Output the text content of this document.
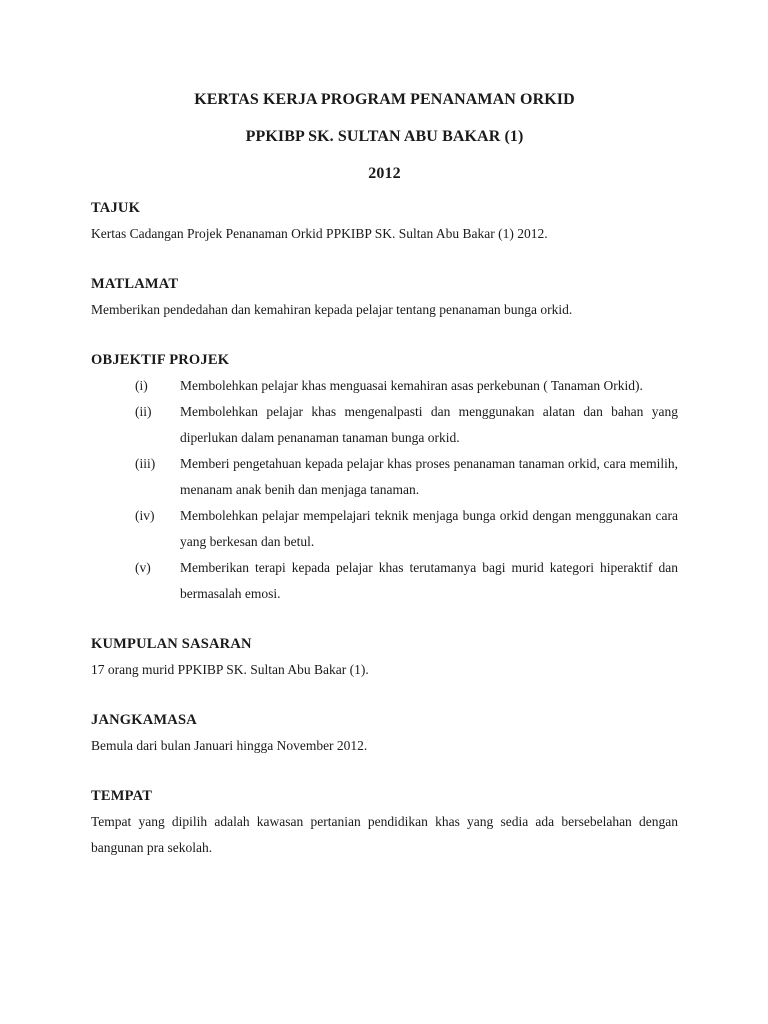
KERTAS KERJA PROGRAM PENANAMAN ORKID

PPKIBP SK. SULTAN ABU BAKAR (1)

2012

TAJUK

Kertas Cadangan Projek Penanaman Orkid PPKIBP SK. Sultan Abu Bakar (1) 2012.

MATLAMAT

Memberikan pendedahan dan kemahiran kepada pelajar tentang penanaman bunga orkid.

OBJEKTIF PROJEK

(i)	Membolehkan pelajar khas menguasai kemahiran asas perkebunan ( Tanaman Orkid).
(ii)	Membolehkan pelajar khas mengenalpasti dan menggunakan alatan dan bahan yang diperlukan dalam penanaman tanaman bunga orkid.
(iii)	Memberi pengetahuan kepada pelajar khas proses penanaman tanaman orkid, cara memilih, menanam anak benih dan menjaga tanaman.
(iv)	Membolehkan pelajar mempelajari teknik menjaga bunga orkid dengan menggunakan cara yang berkesan dan betul.
(v)	Memberikan terapi kepada pelajar khas terutamanya bagi murid kategori hiperaktif dan bermasalah emosi.

KUMPULAN SASARAN

17 orang murid PPKIBP SK. Sultan Abu Bakar (1).

JANGKAMASA

Bemula dari bulan Januari hingga November 2012.

TEMPAT

Tempat yang dipilih adalah kawasan pertanian pendidikan khas yang sedia ada bersebelahan dengan bangunan pra sekolah.
